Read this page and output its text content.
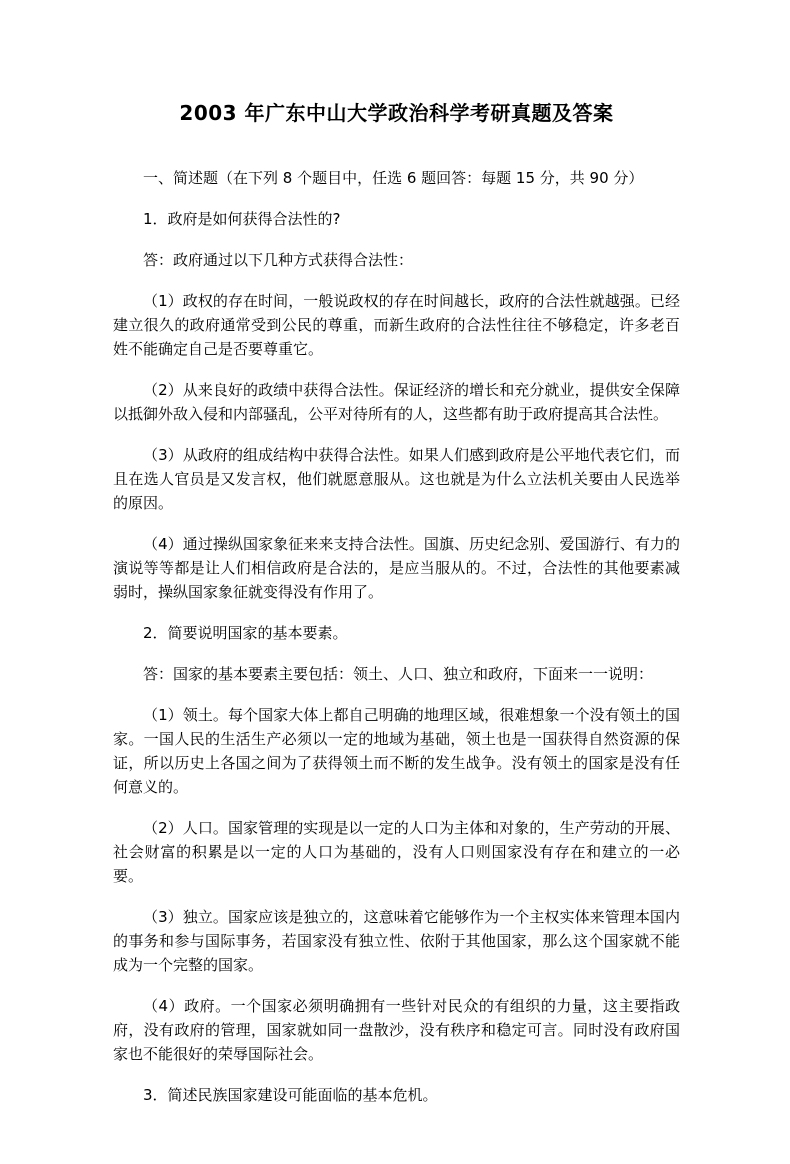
2003 年广东中山大学政治科学考研真题及答案

一、简述题（在下列 8 个题目中，任选 6 题回答：每题 15 分，共 90 分）

1．政府是如何获得合法性的?

答：政府通过以下几种方式获得合法性：

（1）政权的存在时间，一般说政权的存在时间越长，政府的合法性就越强。已经建立很久的政府通常受到公民的尊重，而新生政府的合法性往往不够稳定，许多老百姓不能确定自己是否要尊重它。

（2）从来良好的政绩中获得合法性。保证经济的增长和充分就业，提供安全保障以抵御外敌入侵和内部骚乱，公平对待所有的人，这些都有助于政府提高其合法性。

（3）从政府的组成结构中获得合法性。如果人们感到政府是公平地代表它们，而且在选人官员是又发言权，他们就愿意服从。这也就是为什么立法机关要由人民选举的原因。

（4）通过操纵国家象征来来支持合法性。国旗、历史纪念别、爱国游行、有力的演说等等都是让人们相信政府是合法的，是应当服从的。不过，合法性的其他要素减弱时，操纵国家象征就变得没有作用了。

2．简要说明国家的基本要素。

答：国家的基本要素主要包括：领土、人口、独立和政府，下面来一一说明：

（1）领土。每个国家大体上都自己明确的地理区域，很难想象一个没有领土的国家。一国人民的生活生产必须以一定的地域为基础，领土也是一国获得自然资源的保证，所以历史上各国之间为了获得领土而不断的发生战争。没有领土的国家是没有任何意义的。

（2）人口。国家管理的实现是以一定的人口为主体和对象的，生产劳动的开展、社会财富的积累是以一定的人口为基础的，没有人口则国家没有存在和建立的一必要。

（3）独立。国家应该是独立的，这意味着它能够作为一个主权实体来管理本国内的事务和参与国际事务，若国家没有独立性、依附于其他国家，那么这个国家就不能成为一个完整的国家。

（4）政府。一个国家必须明确拥有一些针对民众的有组织的力量，这主要指政府，没有政府的管理，国家就如同一盘散沙，没有秩序和稳定可言。同时没有政府国家也不能很好的荣辱国际社会。

3．简述民族国家建设可能面临的基本危机。
